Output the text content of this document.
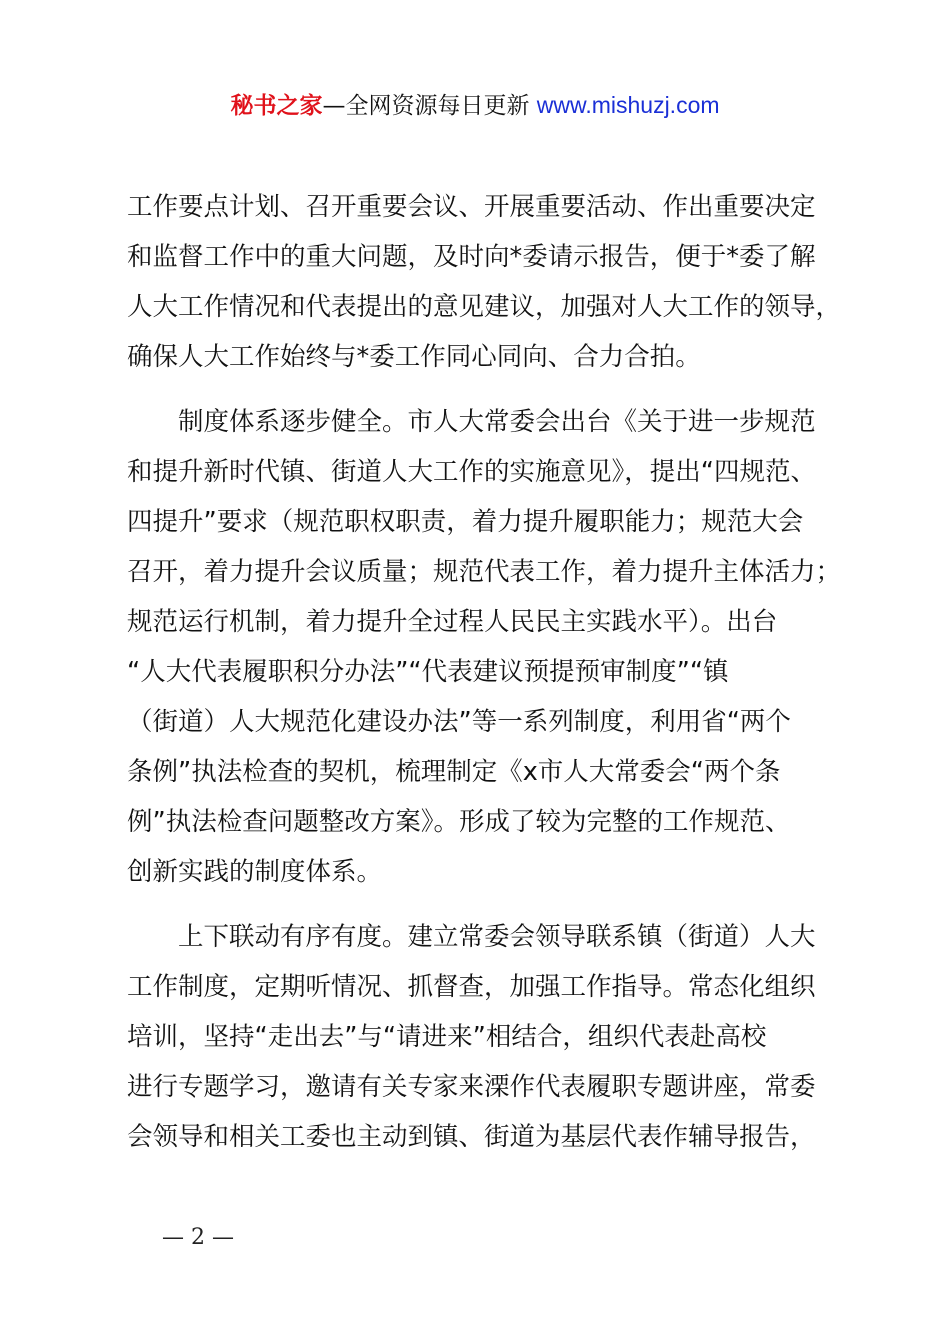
秘书之家—全网资源每日更新 www.mishuzj.com

工作要点计划、召开重要会议、开展重要活动、作出重要决定
和监督工作中的重大问题，及时向*委请示报告，便于*委了解
人大工作情况和代表提出的意见建议，加强对人大工作的领导，
确保人大工作始终与*委工作同心同向、合力合拍。

制度体系逐步健全。市人大常委会出台《关于进一步规范
和提升新时代镇、街道人大工作的实施意见》，提出“四规范、
四提升”要求（规范职权职责，着力提升履职能力；规范大会
召开，着力提升会议质量；规范代表工作，着力提升主体活力；
规范运行机制，着力提升全过程人民民主实践水平）。出台
“人大代表履职积分办法”“代表建议预提预审制度”“镇
（街道）人大规范化建设办法”等一系列制度，利用省“两个
条例”执法检查的契机，梳理制定《x市人大常委会“两个条
例”执法检查问题整改方案》。形成了较为完整的工作规范、
创新实践的制度体系。

上下联动有序有度。建立常委会领导联系镇（街道）人大
工作制度，定期听情况、抓督查，加强工作指导。常态化组织
培训，坚持“走出去”与“请进来”相结合，组织代表赴高校
进行专题学习，邀请有关专家来溧作代表履职专题讲座，常委
会领导和相关工委也主动到镇、街道为基层代表作辅导报告，

— 2 —
